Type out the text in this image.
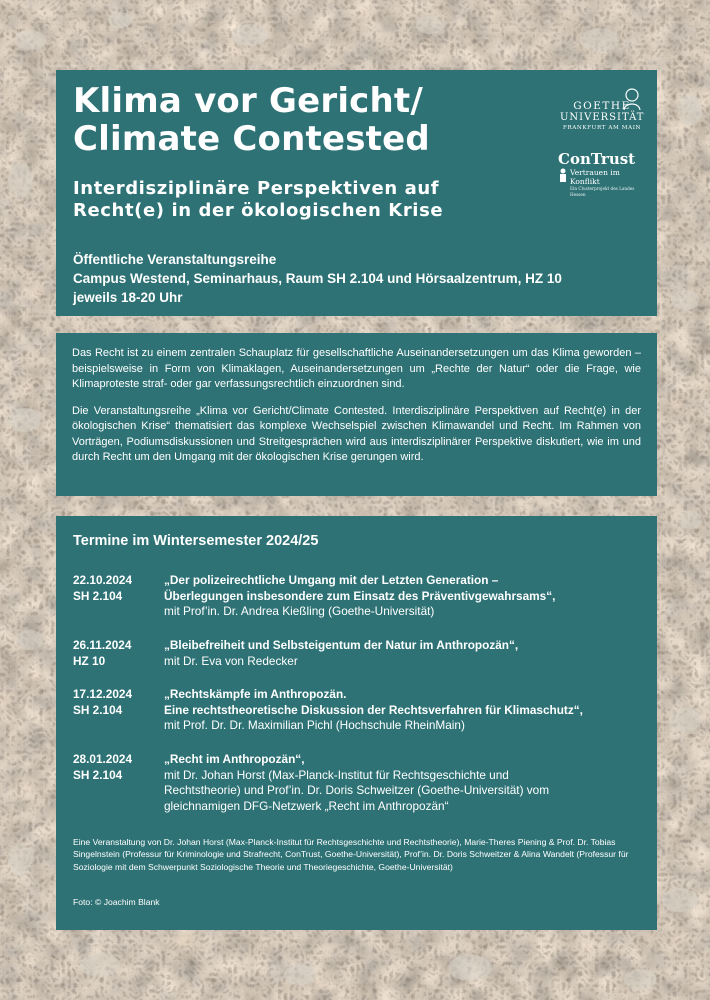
Klima vor Gericht/
Climate Contested
Interdisziplinäre Perspektiven auf
Recht(e) in der ökologischen Krise
Öffentliche Veranstaltungsreihe
Campus Westend, Seminarhaus, Raum SH 2.104 und Hörsaalzentrum, HZ 10
jeweils 18-20 Uhr
GOETHE
UNIVERSITÄT
FRANKFURT AM MAIN
ConTrust
Vertrauen im Konflikt
Ein Clusterprojekt des Landes Hessen

Das Recht ist zu einem zentralen Schauplatz für gesellschaftliche Auseinandersetzungen um das Klima geworden – beispielsweise in Form von Klimaklagen, Auseinandersetzungen um „Rechte der Natur“ oder die Frage, wie Klimaproteste straf- oder gar verfassungsrechtlich einzuordnen sind.

Die Veranstaltungsreihe „Klima vor Gericht/Climate Contested. Interdisziplinäre Perspektiven auf Recht(e) in der ökologischen Krise“ thematisiert das komplexe Wechselspiel zwischen Klimawandel und Recht. Im Rahmen von Vorträgen, Podiumsdiskussionen und Streitgesprächen wird aus interdisziplinärer Perspektive diskutiert, wie im und durch Recht um den Umgang mit der ökologischen Krise gerungen wird.

Termine im Wintersemester 2024/25
22.10.2024
SH 2.104
„Der polizeirechtliche Umgang mit der Letzten Generation –
Überlegungen insbesondere zum Einsatz des Präventivgewahrsams“,
mit Prof’in. Dr. Andrea Kießling (Goethe-Universität)
26.11.2024
HZ 10
„Bleibefreiheit und Selbsteigentum der Natur im Anthropozän“,
mit Dr. Eva von Redecker
17.12.2024
SH 2.104
„Rechtskämpfe im Anthropozän.
Eine rechtstheoretische Diskussion der Rechtsverfahren für Klimaschutz“,
mit Prof. Dr. Dr. Maximilian Pichl (Hochschule RheinMain)
28.01.2024
SH 2.104
„Recht im Anthropozän“,
mit Dr. Johan Horst (Max-Planck-Institut für Rechtsgeschichte und
Rechtstheorie) und Prof’in. Dr. Doris Schweitzer (Goethe-Universität) vom
gleichnamigen DFG-Netzwerk „Recht im Anthropozän“
Eine Veranstaltung von Dr. Johan Horst (Max-Planck-Institut für Rechtsgeschichte und Rechtstheorie), Marie-Theres Piening & Prof. Dr. Tobias Singelnstein (Professur für Kriminologie und Strafrecht, ConTrust, Goethe-Universität), Prof’in. Dr. Doris Schweitzer & Alina Wandelt (Professur für Soziologie mit dem Schwerpunkt Soziologische Theorie und Theoriegeschichte, Goethe-Universität)
Foto: © Joachim Blank
